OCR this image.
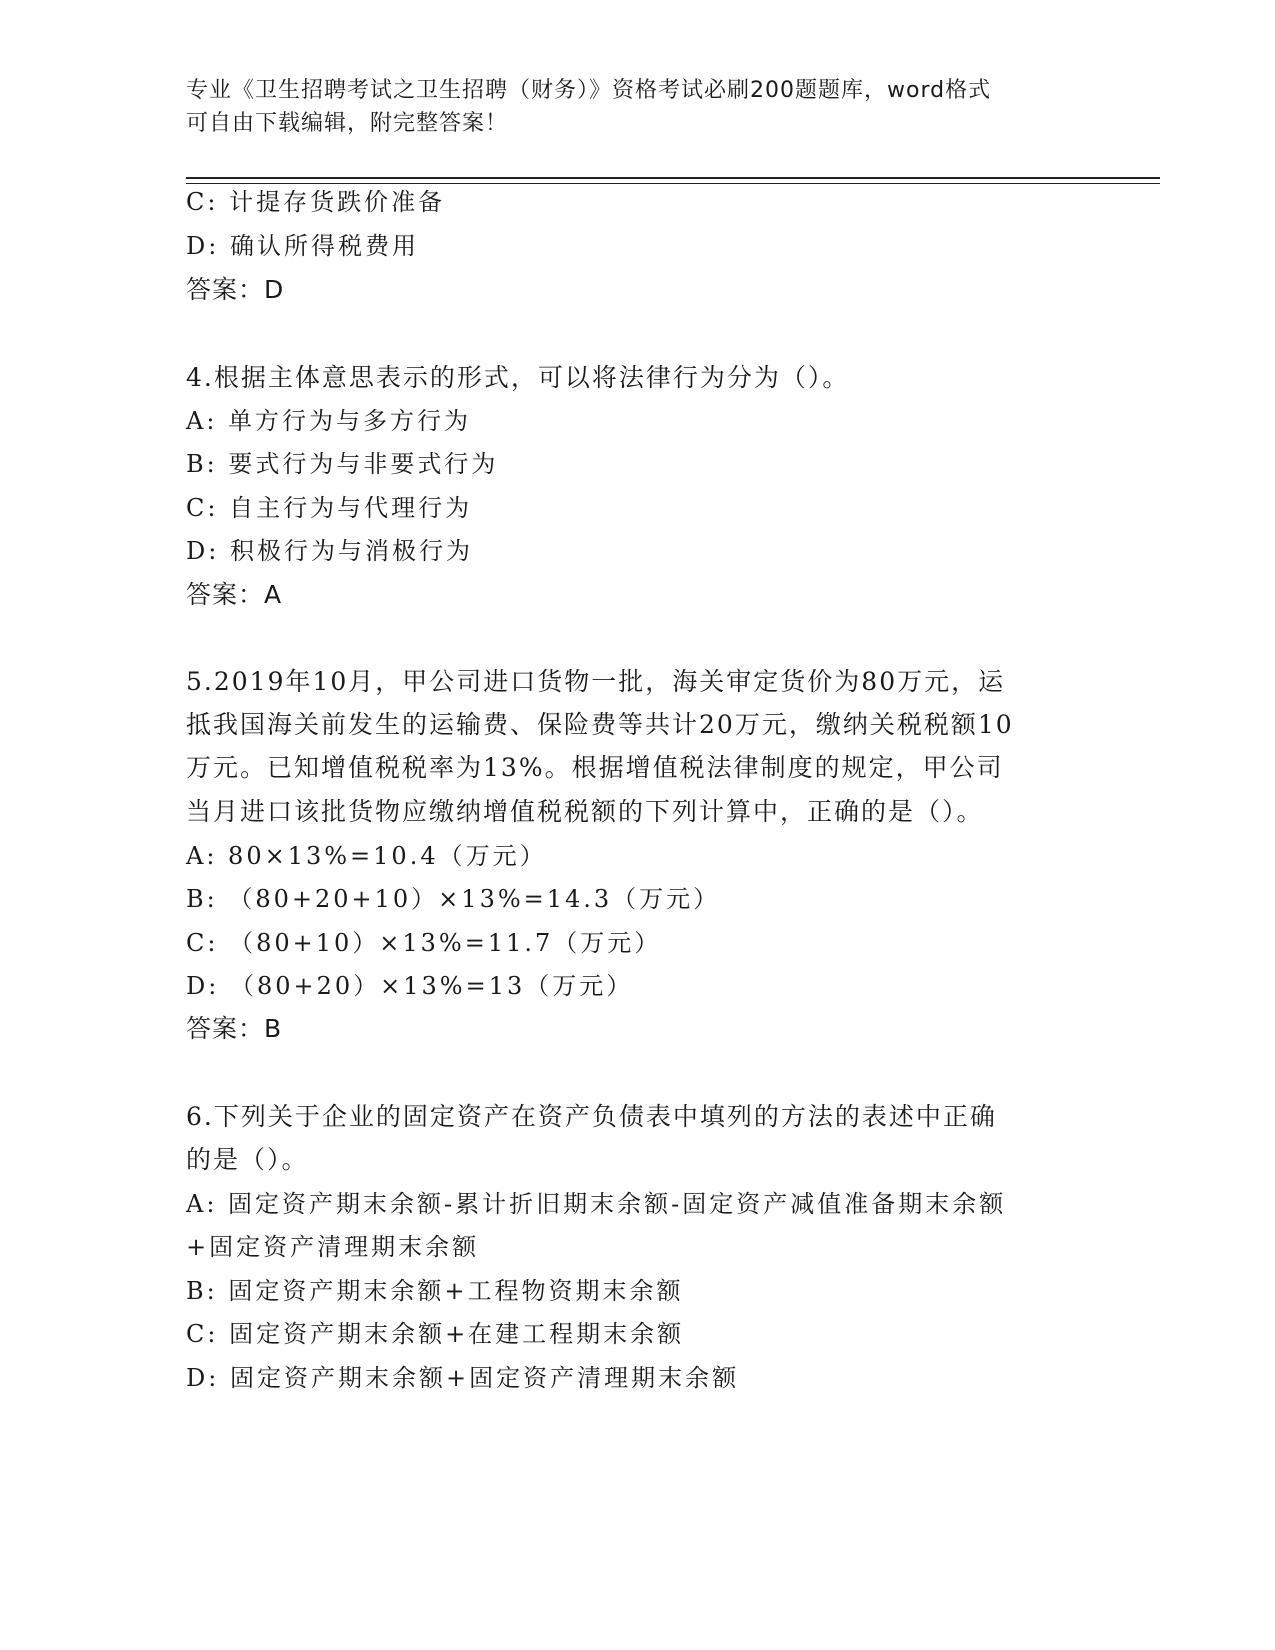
专业《卫生招聘考试之卫生招聘（财务）》资格考试必刷200题题库，word格式
可自由下载编辑，附完整答案！
C: 计提存货跌价准备
D: 确认所得税费用
答案：D
4.根据主体意思表示的形式，可以将法律行为分为（）。
A: 单方行为与多方行为
B: 要式行为与非要式行为
C: 自主行为与代理行为
D: 积极行为与消极行为
答案：A
5.2019年10月，甲公司进口货物一批，海关审定货价为80万元，运
抵我国海关前发生的运输费、保险费等共计20万元，缴纳关税税额10
万元。已知增值税税率为13%。根据增值税法律制度的规定，甲公司
当月进口该批货物应缴纳增值税税额的下列计算中，正确的是（）。
A: 80×13%=10.4（万元）
B: （80+20+10）×13%=14.3（万元）
C: （80+10）×13%=11.7（万元）
D: （80+20）×13%=13（万元）
答案：B
6.下列关于企业的固定资产在资产负债表中填列的方法的表述中正确
的是（）。
A: 固定资产期末余额-累计折旧期末余额-固定资产减值准备期末余额
+固定资产清理期末余额
B: 固定资产期末余额+工程物资期末余额
C: 固定资产期末余额+在建工程期末余额
D: 固定资产期末余额+固定资产清理期末余额
